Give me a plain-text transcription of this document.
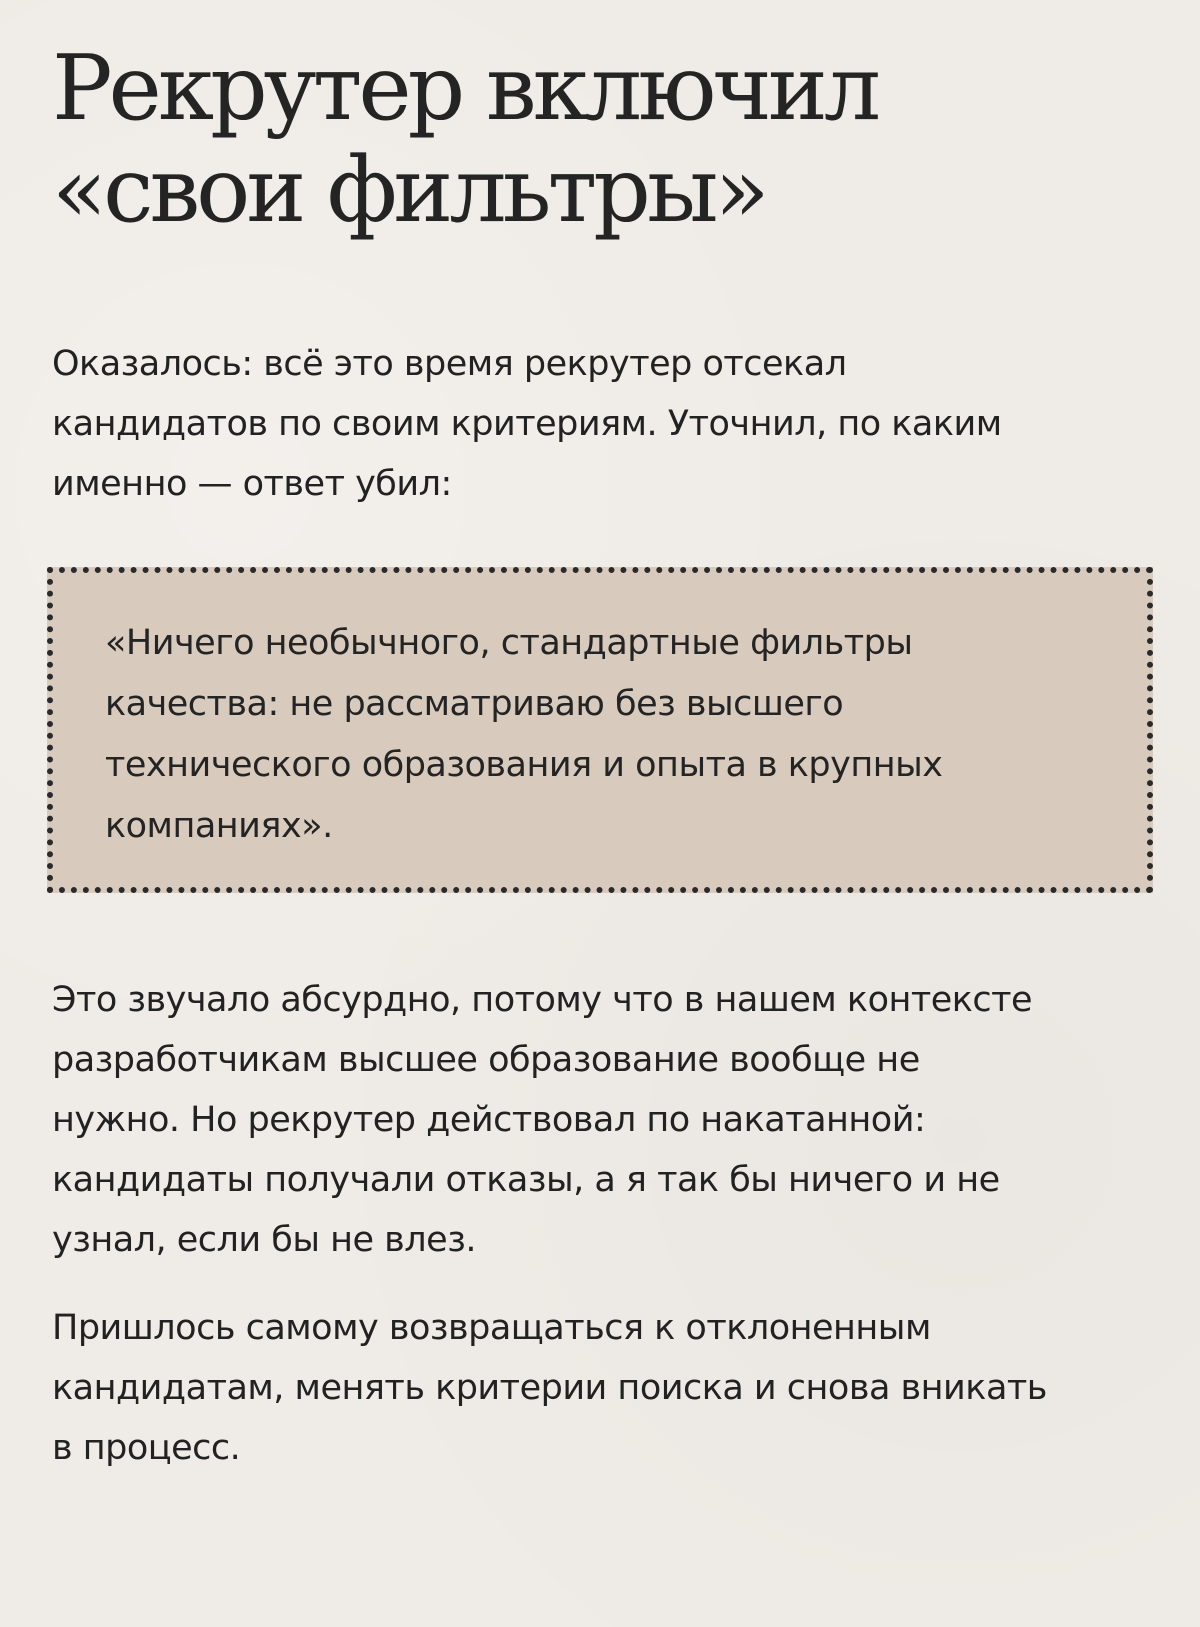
Рекрутер включил
«свои фильтры»

Оказалось: всё это время рекрутер отсекал
кандидатов по своим критериям. Уточнил, по каким
именно — ответ убил:

«Ничего необычного, стандартные фильтры
качества: не рассматриваю без высшего
технического образования и опыта в крупных
компаниях».

Это звучало абсурдно, потому что в нашем контексте
разработчикам высшее образование вообще не
нужно. Но рекрутер действовал по накатанной:
кандидаты получали отказы, а я так бы ничего и не
узнал, если бы не влез.

Пришлось самому возвращаться к отклоненным
кандидатам, менять критерии поиска и снова вникать
в процесс.
